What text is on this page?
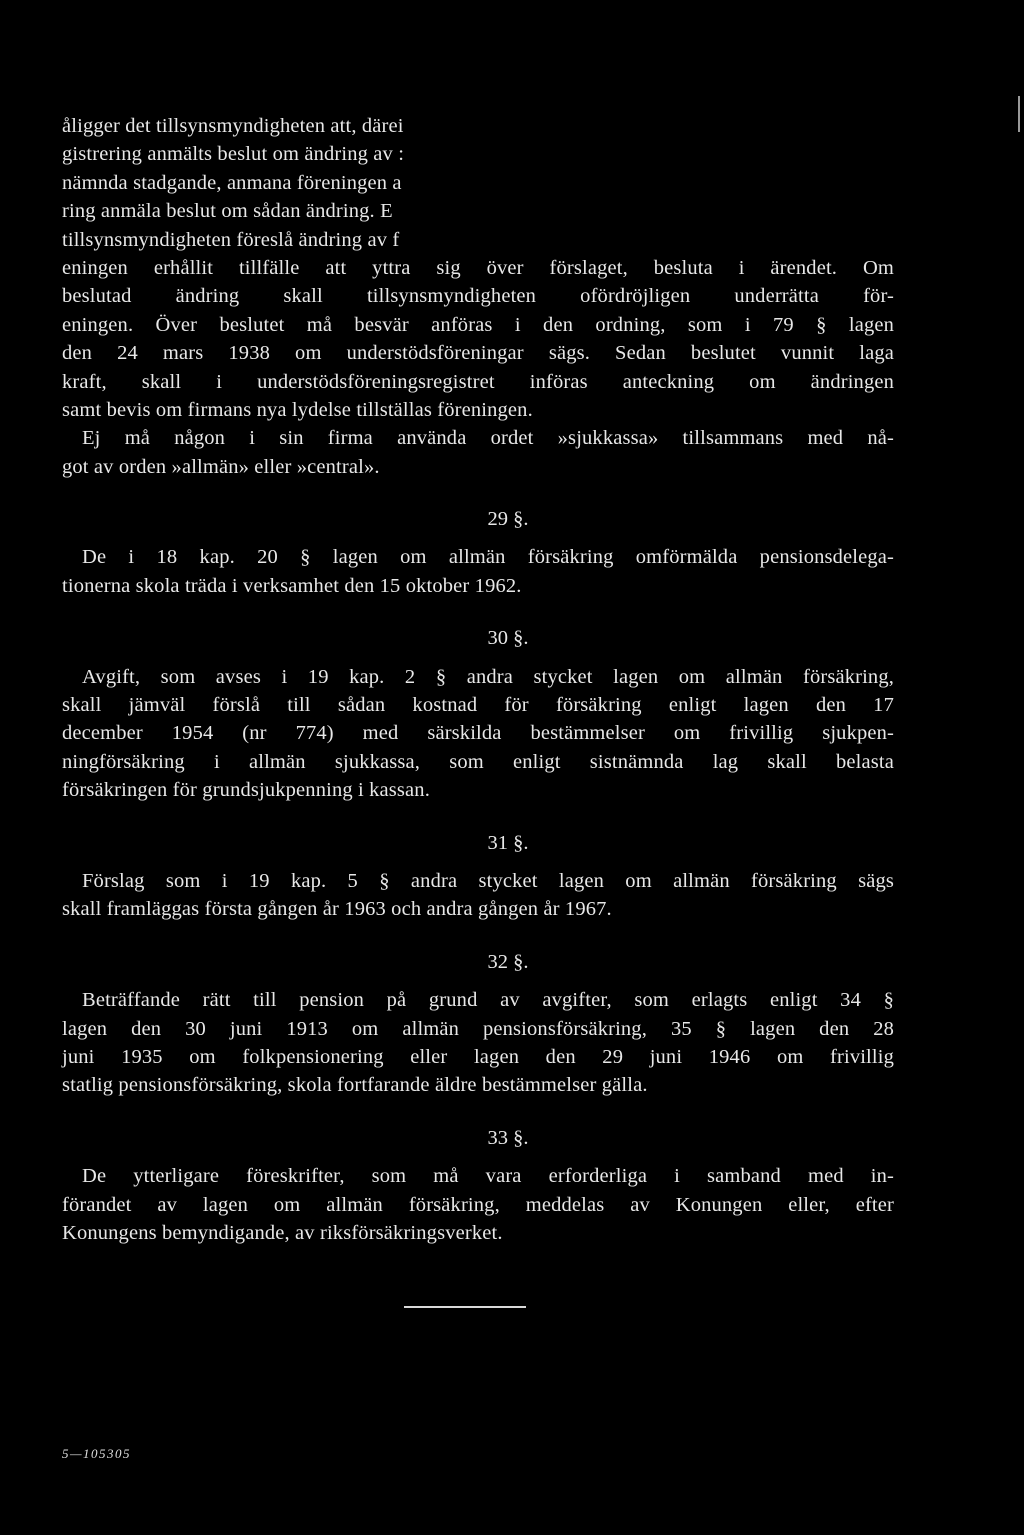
åligger det tillsynsmyndigheten att, därei
gistrering anmälts beslut om ändring av :
nämnda stadgande, anmana föreningen a
ring anmäla beslut om sådan ändring. E
tillsynsmyndigheten föreslå ändring av f
eningen erhållit tillfälle att yttra sig över förslaget, besluta i ärendet. Om
beslutad ändring skall tillsynsmyndigheten ofördröjligen underrätta för-
eningen. Över beslutet må besvär anföras i den ordning, som i 79 § lagen
den 24 mars 1938 om understödsföreningar sägs. Sedan beslutet vunnit laga
kraft, skall i understödsföreningsregistret införas anteckning om ändringen
samt bevis om firmans nya lydelse tillställas föreningen.
Ej må någon i sin firma använda ordet »sjukkassa» tillsammans med nå-
got av orden »allmän» eller »central».
29 §.
De i 18 kap. 20 § lagen om allmän försäkring omförmälda pensionsdelega-
tionerna skola träda i verksamhet den 15 oktober 1962.
30 §.
Avgift, som avses i 19 kap. 2 § andra stycket lagen om allmän försäkring,
skall jämväl förslå till sådan kostnad för försäkring enligt lagen den 17
december 1954 (nr 774) med särskilda bestämmelser om frivillig sjukpen-
ningförsäkring i allmän sjukkassa, som enligt sistnämnda lag skall belasta
försäkringen för grundsjukpenning i kassan.
31 §.
Förslag som i 19 kap. 5 § andra stycket lagen om allmän försäkring sägs
skall framläggas första gången år 1963 och andra gången år 1967.
32 §.
Beträffande rätt till pension på grund av avgifter, som erlagts enligt 34 §
lagen den 30 juni 1913 om allmän pensionsförsäkring, 35 § lagen den 28
juni 1935 om folkpensionering eller lagen den 29 juni 1946 om frivillig
statlig pensionsförsäkring, skola fortfarande äldre bestämmelser gälla.
33 §.
De ytterligare föreskrifter, som må vara erforderliga i samband med in-
förandet av lagen om allmän försäkring, meddelas av Konungen eller, efter
Konungens bemyndigande, av riksförsäkringsverket.
5—105305
